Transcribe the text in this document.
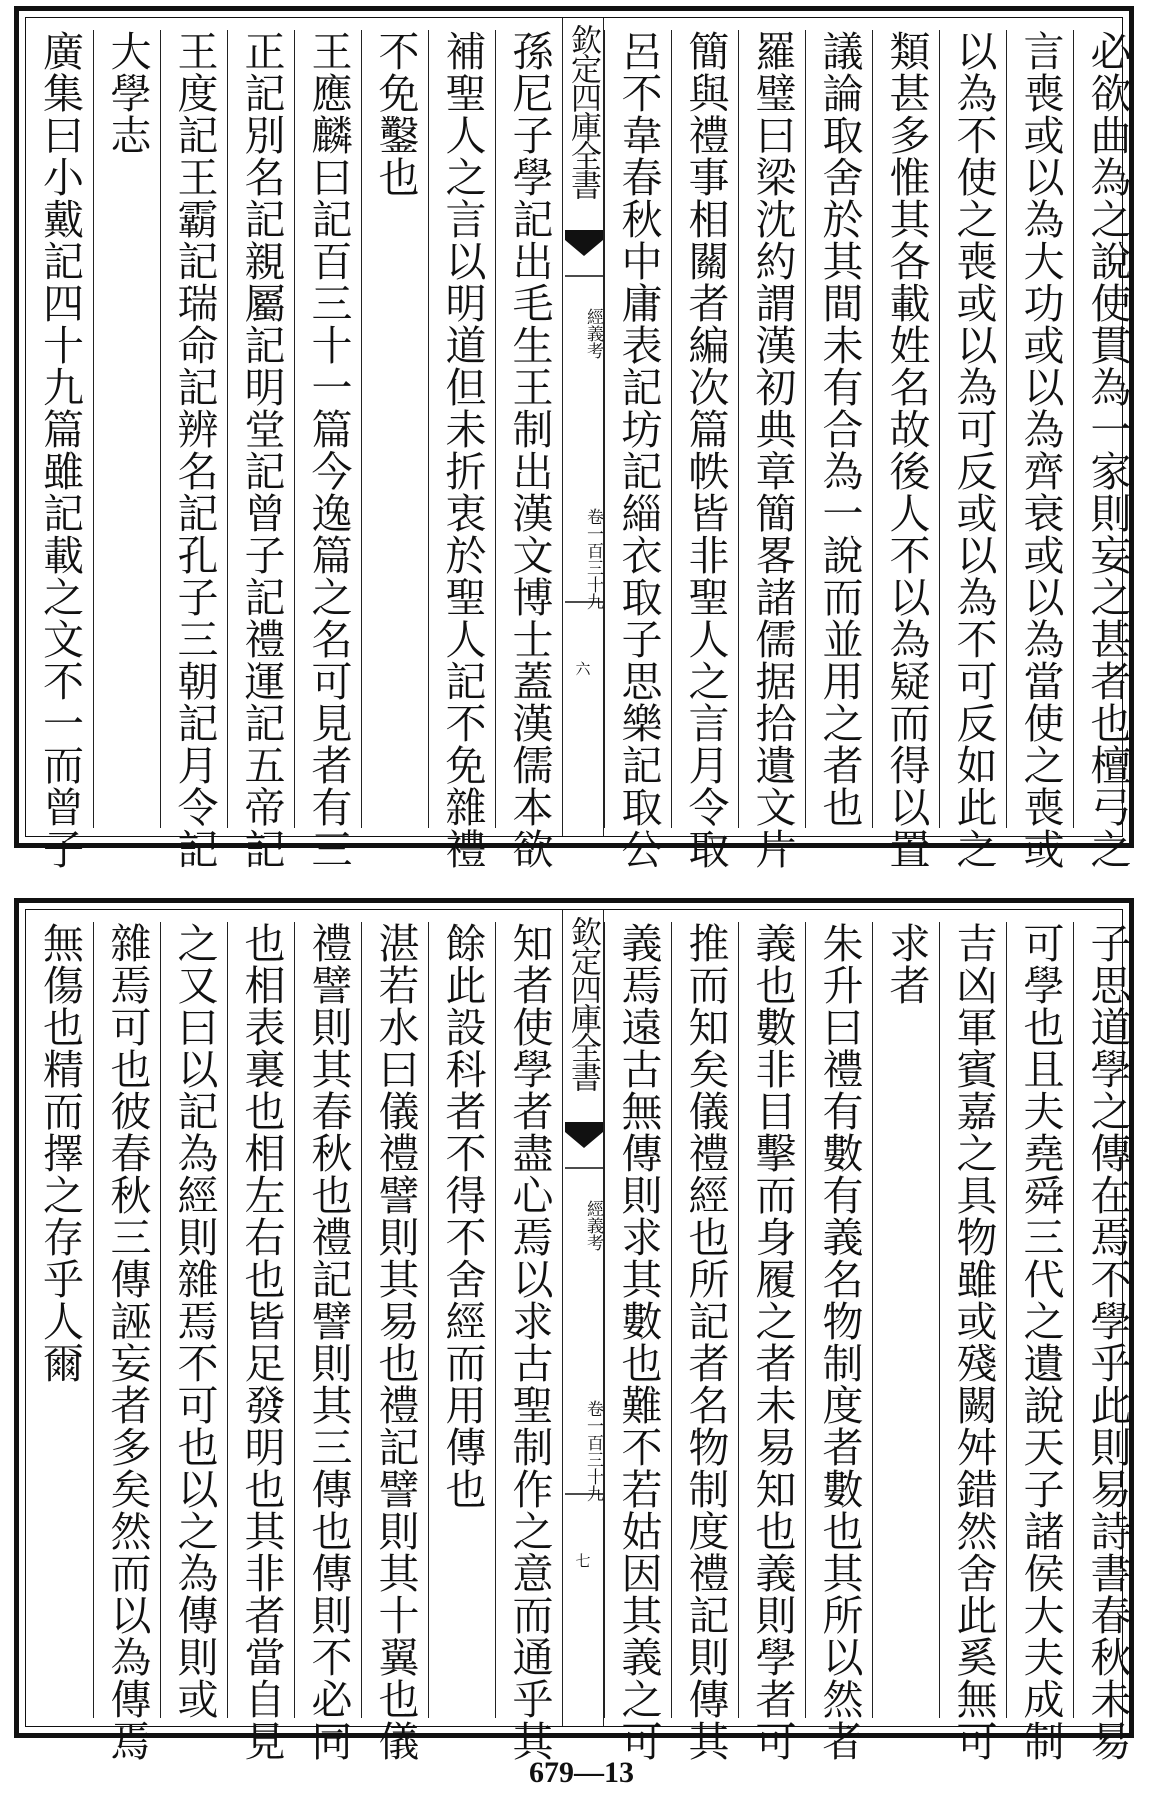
孫尼子學記出毛生王制出漢文博士蓋漢儒本欲
補聖人之言以明道但未折衷於聖人記不免雜禮
不免鑿也
王應麟曰記百三十一篇今逸篇之名可見者有三
正記別名記親屬記明堂記曾子記禮運記五帝記
王度記王霸記瑞命記辨名記孔子三朝記月令記
大學志
廣集曰小戴記四十九篇雖記載之文不一而曾子	欽定四庫全書
經義考
卷一百三十九
六	必欲曲為之說使貫為一家則妄之甚者也檀弓之
言喪或以為大功或以為齊衰或以為當使之喪或
以為不使之喪或以為可反或以為不可反如此之
類甚多惟其各載姓名故後人不以為疑而得以置
議論取舍於其間未有合為一說而並用之者也
羅璧曰梁沈約謂漢初典章簡畧諸儒据拾遺文片
簡與禮事相關者編次篇帙皆非聖人之言月令取
呂不韋春秋中庸表記坊記緇衣取子思樂記取公
知者使學者盡心焉以求古聖制作之意而通乎其
餘此設科者不得不舍經而用傳也
湛若水曰儀禮譬則其易也禮記譬則其十翼也儀
禮譬則其春秋也禮記譬則其三傳也傳則不必同
也相表裏也相左右也皆足發明也其非者當自見
之又曰以記為經則雜焉不可也以之為傳則或
雜焉可也彼春秋三傳誣妄者多矣然而以為傳焉
無傷也精而擇之存乎人爾	欽定四庫全書
經義考
卷一百三十九
七	子思道學之傳在焉不學乎此則易詩書春秋未易
可學也且夫堯舜三代之遺說天子諸侯大夫成制
吉凶軍賓嘉之具物雖或殘闕舛錯然舍此奚無可
求者
朱升曰禮有數有義名物制度者數也其所以然者
義也數非目擊而身履之者未易知也義則學者可
推而知矣儀禮經也所記者名物制度禮記則傳其
義焉遠古無傳則求其數也難不若姑因其義之可
679—13
